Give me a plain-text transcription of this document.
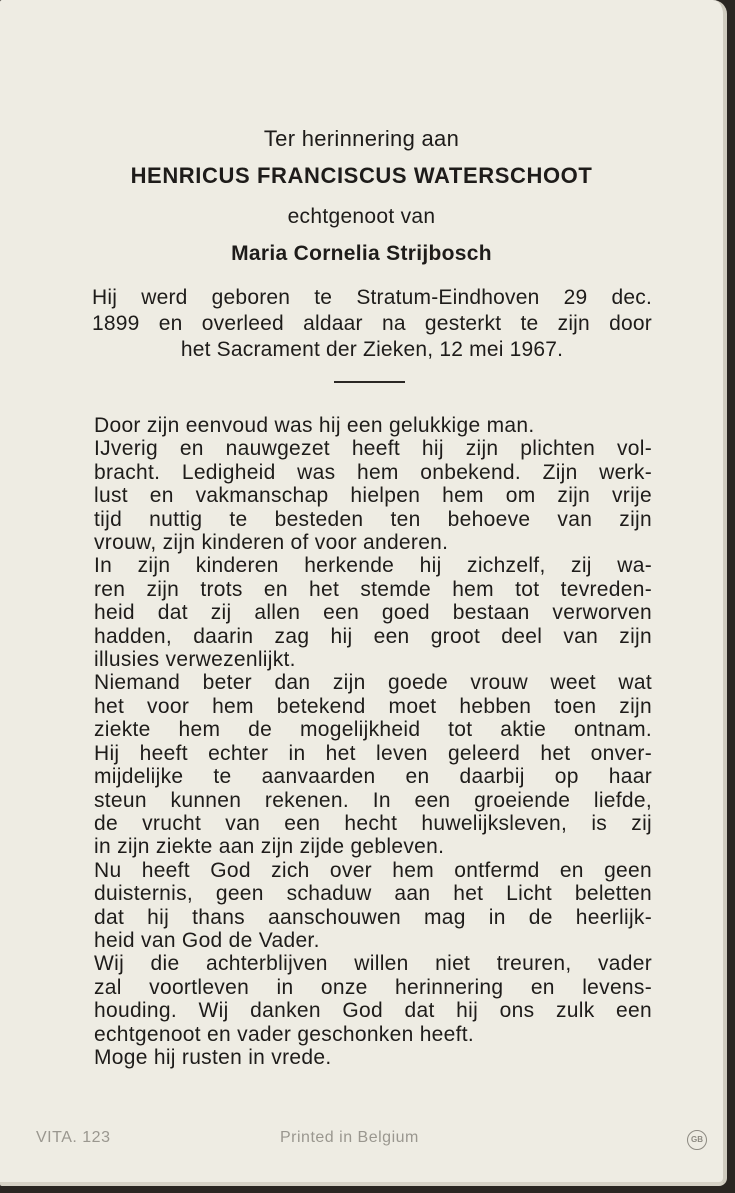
Ter herinnering aan
HENRICUS FRANCISCUS WATERSCHOOT
echtgenoot van
Maria Cornelia Strijbosch
Hij werd geboren te Stratum-Eindhoven 29 dec.
1899 en overleed aldaar na gesterkt te zijn door
het Sacrament der Zieken, 12 mei 1967.
Door zijn eenvoud was hij een gelukkige man.
IJverig en nauwgezet heeft hij zijn plichten vol-
bracht. Ledigheid was hem onbekend. Zijn werk-
lust en vakmanschap hielpen hem om zijn vrije
tijd nuttig te besteden ten behoeve van zijn
vrouw, zijn kinderen of voor anderen.
In zijn kinderen herkende hij zichzelf, zij wa-
ren zijn trots en het stemde hem tot tevreden-
heid dat zij allen een goed bestaan verworven
hadden, daarin zag hij een groot deel van zijn
illusies verwezenlijkt.
Niemand beter dan zijn goede vrouw weet wat
het voor hem betekend moet hebben toen zijn
ziekte hem de mogelijkheid tot aktie ontnam.
Hij heeft echter in het leven geleerd het onver-
mijdelijke te aanvaarden en daarbij op haar
steun kunnen rekenen. In een groeiende liefde,
de vrucht van een hecht huwelijksleven, is zij
in zijn ziekte aan zijn zijde gebleven.
Nu heeft God zich over hem ontfermd en geen
duisternis, geen schaduw aan het Licht beletten
dat hij thans aanschouwen mag in de heerlijk-
heid van God de Vader.
Wij die achterblijven willen niet treuren, vader
zal voortleven in onze herinnering en levens-
houding. Wij danken God dat hij ons zulk een
echtgenoot en vader geschonken heeft.
Moge hij rusten in vrede.
VITA. 123	Printed in Belgium	GB
